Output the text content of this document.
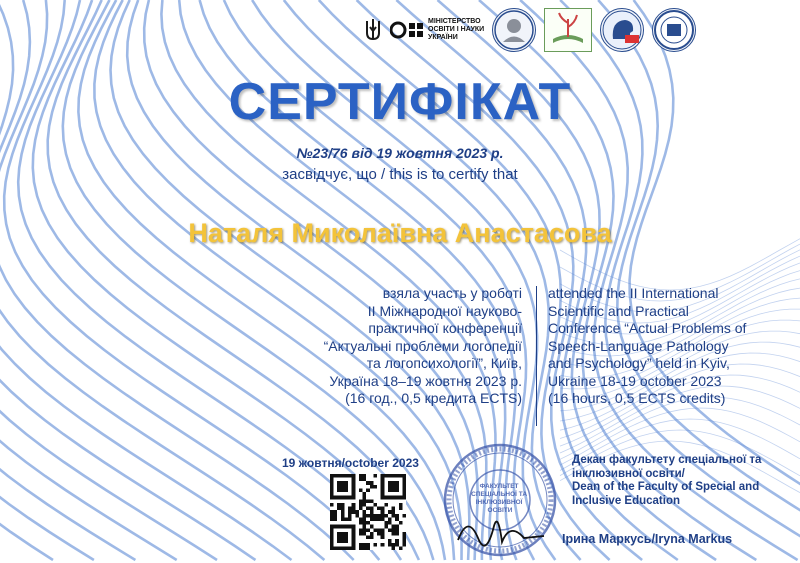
МІНІСТЕРСТВО
ОСВІТИ І НАУКИ
УКРАЇНИ
СЕРТИФІКАТ
№23/76 від 19 жовтня 2023 р.
засвідчує, що / this is to certify that
Наталя Миколаївна Анастасова
взяла участь у роботі
II Міжнародної науково-
практичної конференції
“Актуальні проблеми логопедії
та логопсихології”, Київ,
Україна 18–19 жовтня 2023 р.
(16 год., 0,5 кредита ECTS)
attended the II International
Scientific and Practical
Conference “Actual Problems of
Speech-Language Pathology
and Psychology” held in Kyiv,
Ukraine 18-19 october 2023
(16 hours, 0,5 ECTS credits)
19 жовтня/october 2023
ФАКУЛЬТЕТ СПЕЦІАЛЬНОЇ ТА ІНКЛЮЗИВНОЇ ОСВІТИ
Декан факультету спеціальної та інклюзивної освіти/
Dean of the Faculty of Special and Inclusive Education
Ірина Маркусь/Iryna Markus
